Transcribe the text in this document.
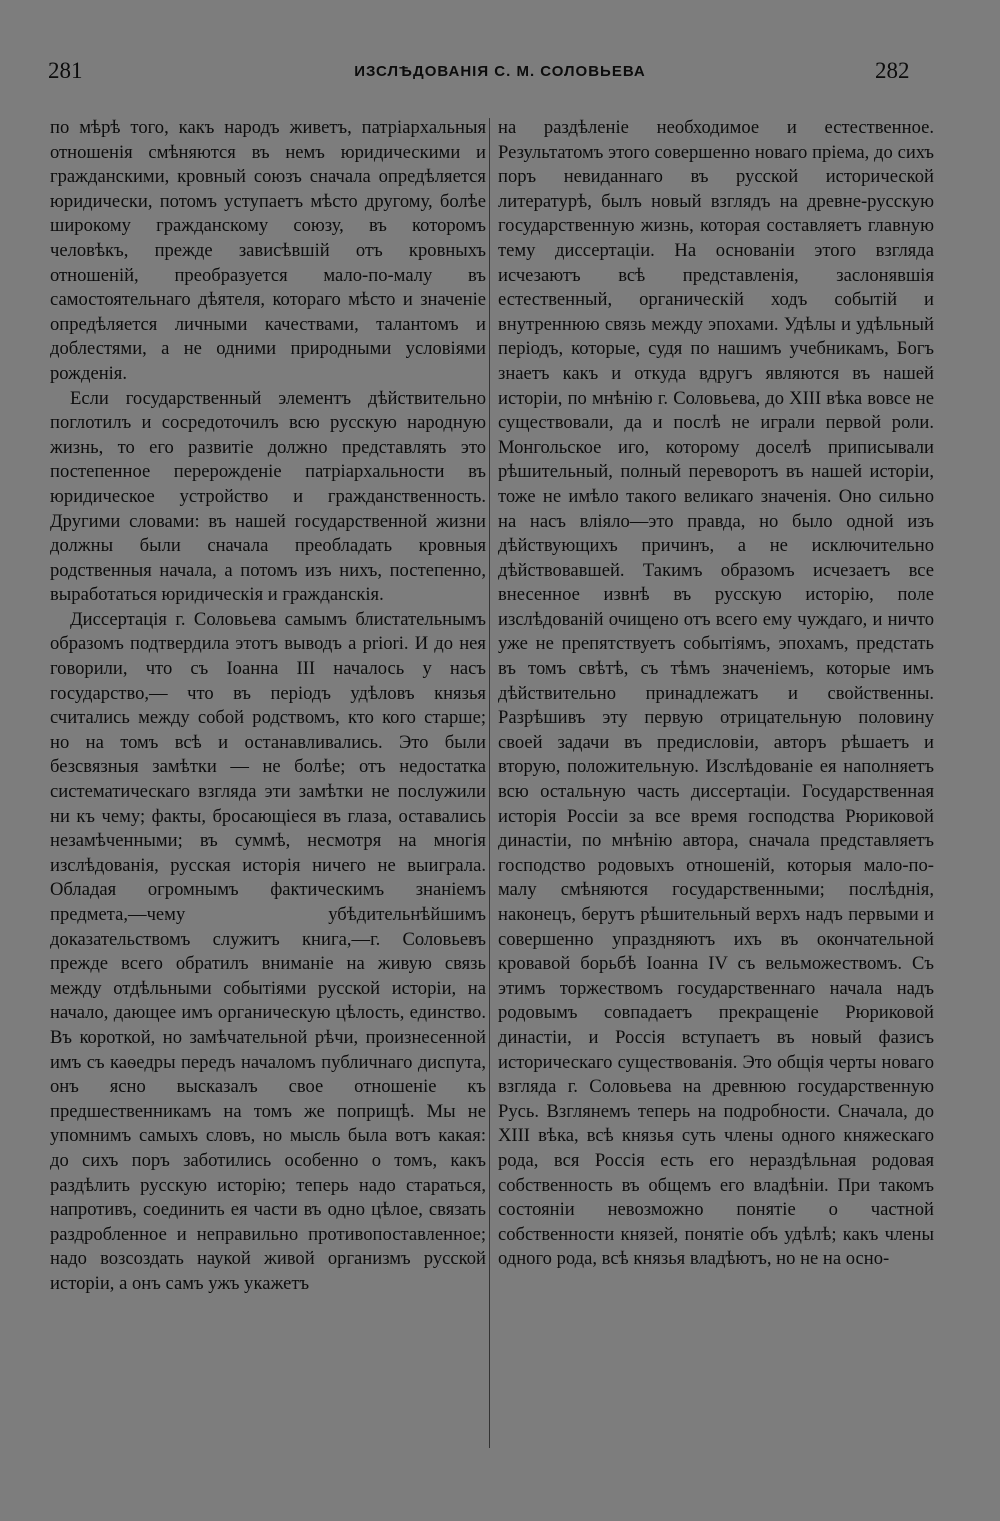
281	ИЗСЛѢДОВАНІЯ С. М. СОЛОВЬЕВА	282

по мѣрѣ того, какъ народъ живетъ, патріархальныя отношенія смѣняются въ немъ юридическими и гражданскими, кровный союзъ сначала опредѣляется юридически, потомъ уступаетъ мѣсто другому, болѣе широкому гражданскому союзу, въ которомъ человѣкъ, прежде зависѣвшій отъ кровныхъ отношеній, преобразуется мало-по-малу въ самостоятельнаго дѣятеля, котораго мѣсто и значеніе опредѣляется личными качествами, талантомъ и доблестями, а не одними природными условіями рожденія.

Если государственный элементъ дѣйствительно поглотилъ и сосредоточилъ всю русскую народную жизнь, то его развитіе должно представлять это постепенное перерожденіе патріархальности въ юридическое устройство и гражданственность. Другими словами: въ нашей государственной жизни должны были сначала преобладать кровныя родственныя начала, а потомъ изъ нихъ, постепенно, выработаться юридическія и гражданскія.

Диссертація г. Соловьева самымъ блистательнымъ образомъ подтвердила этотъ выводъ a priori. И до нея говорили, что съ Іоанна III началось у насъ государство,— что въ періодъ удѣловъ князья считались между собой родствомъ, кто кого старше; но на томъ всѣ и останавливались. Это были безсвязныя замѣтки — не болѣе; отъ недостатка систематическаго взгляда эти замѣтки не послужили ни къ чему; факты, бросающіеся въ глаза, оставались незамѣченными; въ суммѣ, несмотря на многія изслѣдованія, русская исторія ничего не выиграла. Обладая огромнымъ фактическимъ знаніемъ предмета,—чему убѣдительнѣйшимъ доказательствомъ служитъ книга,—г. Соловьевъ прежде всего обратилъ вниманіе на живую связь между отдѣльными событіями русской исторіи, на начало, дающее имъ органическую цѣлость, единство. Въ короткой, но замѣчательной рѣчи, произнесенной имъ съ каѳедры передъ началомъ публичнаго диспута, онъ ясно высказалъ свое отношеніе къ предшественникамъ на томъ же поприщѣ. Мы не упомнимъ самыхъ словъ, но мысль была вотъ какая: до сихъ поръ заботились особенно о томъ, какъ раздѣлить русскую исторію; теперь надо стараться, напротивъ, соединить ея части въ одно цѣлое, связать раздробленное и неправильно противопоставленное; надо возсоздать наукой живой организмъ русской исторіи, а онъ самъ ужъ укажетъ

на раздѣленіе необходимое и естественное. Результатомъ этого совершенно новаго пріема, до сихъ поръ невиданнаго въ русской исторической литературѣ, былъ новый взглядъ на древне-русскую государственную жизнь, которая составляетъ главную тему диссертаціи. На основаніи этого взгляда исчезаютъ всѣ представленія, заслонявшія естественный, органическій ходъ событій и внутреннюю связь между эпохами. Удѣлы и удѣльный періодъ, которые, судя по нашимъ учебникамъ, Богъ знаетъ какъ и откуда вдругъ являются въ нашей исторіи, по мнѣнію г. Соловьева, до XIII вѣка вовсе не существовали, да и послѣ не играли первой роли. Монгольское иго, которому доселѣ приписывали рѣшительный, полный переворотъ въ нашей исторіи, тоже не имѣло такого великаго значенія. Оно сильно на насъ вліяло—это правда, но было одной изъ дѣйствующихъ причинъ, а не исключительно дѣйствовавшей. Такимъ образомъ исчезаетъ все внесенное извнѣ въ русскую исторію, поле изслѣдованій очищено отъ всего ему чуждаго, и ничто уже не препятствуетъ событіямъ, эпохамъ, предстать въ томъ свѣтѣ, съ тѣмъ значеніемъ, которые имъ дѣйствительно принадлежатъ и свойственны. Разрѣшивъ эту первую отрицательную половину своей задачи въ предисловіи, авторъ рѣшаетъ и вторую, положительную. Изслѣдованіе ея наполняетъ всю остальную часть диссертаціи. Государственная исторія Россіи за все время господства Рюриковой династіи, по мнѣнію автора, сначала представляетъ господство родовыхъ отношеній, которыя мало-по-малу смѣняются государственными; послѣднія, наконецъ, берутъ рѣшительный верхъ надъ первыми и совершенно упраздняютъ ихъ въ окончательной кровавой борьбѣ Іоанна IV съ вельможествомъ. Съ этимъ торжествомъ государственнаго начала надъ родовымъ совпадаетъ прекращеніе Рюриковой династіи, и Россія вступаетъ въ новый фазисъ историческаго существованія. Это общія черты новаго взгляда г. Соловьева на древнюю государственную Русь. Взглянемъ теперь на подробности. Сначала, до XIII вѣка, всѣ князья суть члены одного княжескаго рода, вся Россія есть его нераздѣльная родовая собственность въ общемъ его владѣніи. При такомъ состояніи невозможно понятіе о частной собственности князей, понятіе объ удѣлѣ; какъ члены одного рода, всѣ князья владѣютъ, но не на осно-
